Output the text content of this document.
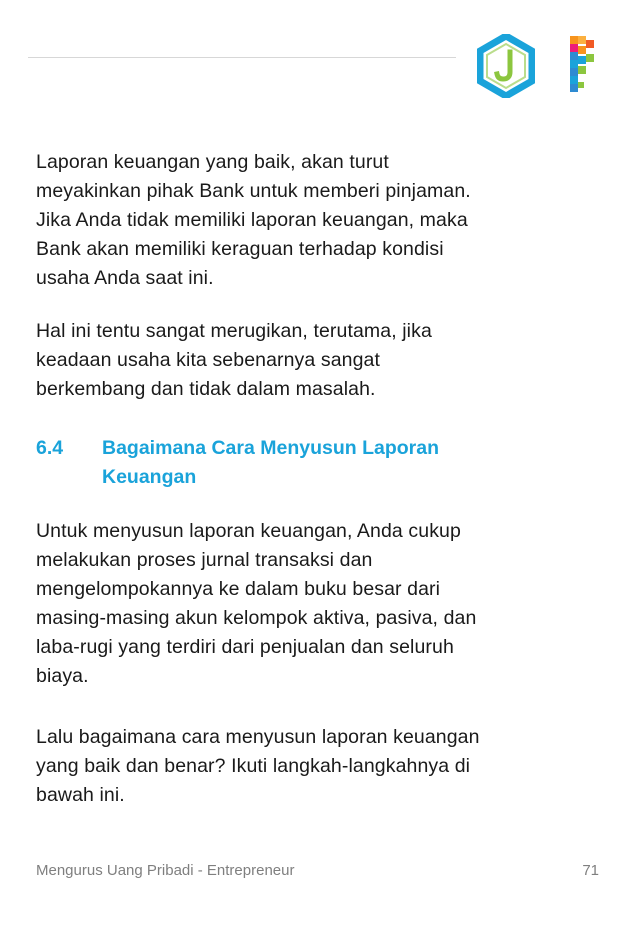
Laporan keuangan yang baik, akan turut
meyakinkan pihak Bank untuk memberi pinjaman.
Jika Anda tidak memiliki laporan keuangan, maka
Bank akan memiliki keraguan terhadap kondisi
usaha Anda saat ini.

Hal ini tentu sangat merugikan, terutama, jika
keadaan usaha kita sebenarnya sangat
berkembang dan tidak dalam masalah.

6.4 Bagaimana Cara Menyusun Laporan
Keuangan

Untuk menyusun laporan keuangan, Anda cukup
melakukan proses jurnal transaksi dan
mengelompokannya ke dalam buku besar dari
masing-masing akun kelompok aktiva, pasiva, dan
laba-rugi yang terdiri dari penjualan dan seluruh
biaya.

Lalu bagaimana cara menyusun laporan keuangan
yang baik dan benar? Ikuti langkah-langkahnya di
bawah ini.

Mengurus Uang Pribadi - Entrepreneur	71
